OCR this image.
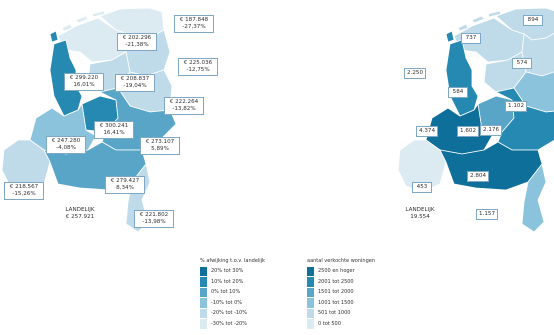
€ 187.848
-27,37%
€ 202.296
-21,38%
€ 225.036
-12,75%
€ 299.220
16,01%
€ 208.837
-19,04%
€ 222.264
-13,82%
€ 300.241
16,41%
€ 247.280
-4,08%
€ 273.107
5,89%
€ 279.427
8,34%
€ 218.567
-15,26%
€ 221.802
-13,98%
LANDELIJK
€ 257.921
894
737
574
2.250
584
1.102
4.374	1.602	2.176
2.804
453
1.157
LANDELIJK
19.554
% afwijking t.o.v. landelijk
20% tot 30%
10% tot 20%
0% tot 10%
-10% tot 0%
-20% tot -10%
-30% tot -20%
aantal verkochte woningen
2500 en hoger
2001 tot 2500
1501 tot 2000
1001 tot 1500
501 tot 1000
0 tot 500
